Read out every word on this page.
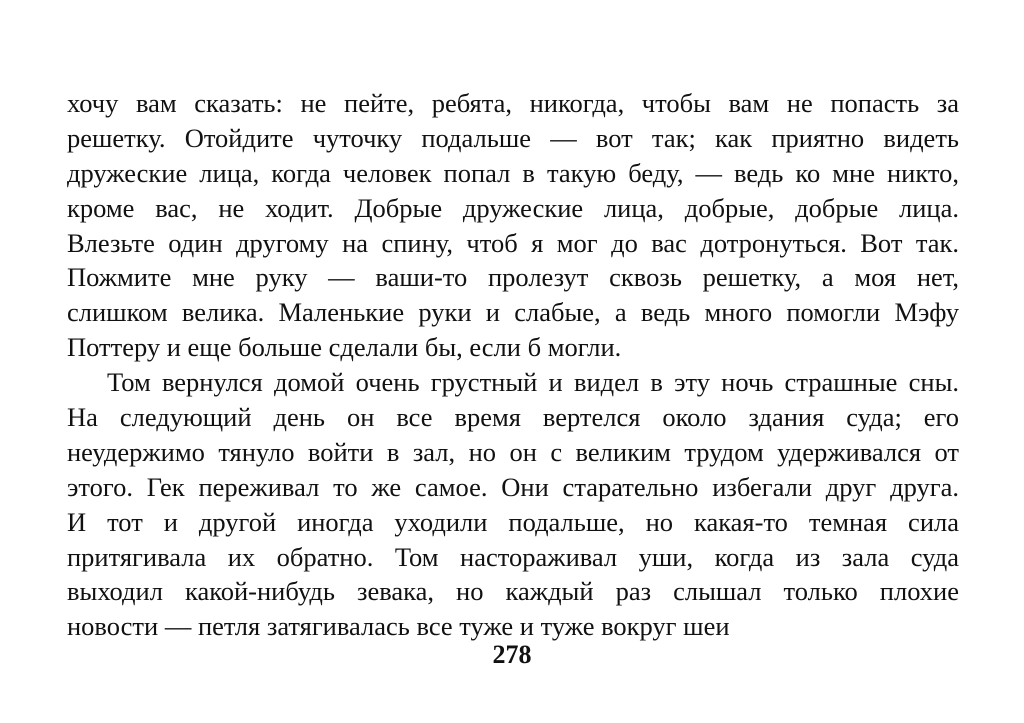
хочу вам сказать: не пейте, ребята, никогда, чтобы вам не попасть за
решетку. Отойдите чуточку подальше — вот так; как приятно видеть
дружеские лица, когда человек попал в такую беду, — ведь ко мне никто,
кроме вас, не ходит. Добрые дружеские лица, добрые, добрые лица.
Влезьте один другому на спину, чтоб я мог до вас дотронуться. Вот так.
Пожмите мне руку — ваши-то пролезут сквозь решетку, а моя нет,
слишком велика. Маленькие руки и слабые, а ведь много помогли Мэфу
Поттеру и еще больше сделали бы, если б могли.
Том вернулся домой очень грустный и видел в эту ночь страшные сны.
На следующий день он все время вертелся около здания суда; его
неудержимо тянуло войти в зал, но он с великим трудом удерживался от
этого. Гек переживал то же самое. Они старательно избегали друг друга.
И тот и другой иногда уходили подальше, но какая-то темная сила
притягивала их обратно. Том настораживал уши, когда из зала суда
выходил какой-нибудь зевака, но каждый раз слышал только плохие
новости — петля затягивалась все туже и туже вокруг шеи
278
